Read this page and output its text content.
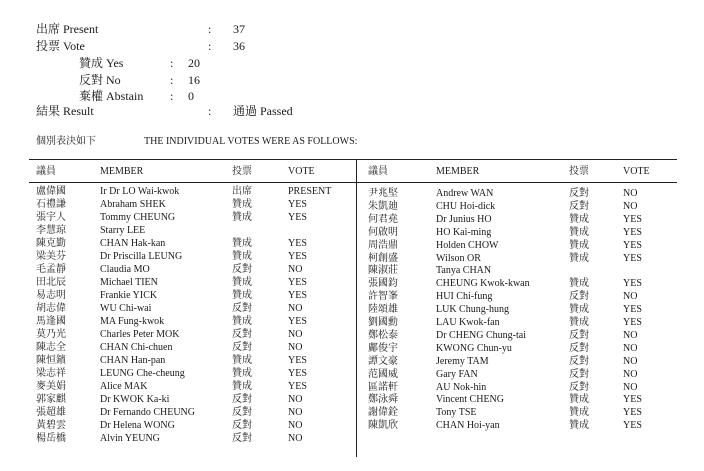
出席 Present	: 37
投票 Vote	: 36
贊成 Yes	: 20
反對 No	: 16
棄權 Abstain : 0
結果 Result	: 通過 Passed
個別表決如下	THE INDIVIDUAL VOTES WERE AS FOLLOWS:
議員	MEMBER	投票	VOTE	議員	MEMBER	投票	VOTE
盧偉國	Ir Dr LO Wai-kwok	出席	PRESENT
石禮謙	Abraham SHEK	贊成	YES
張宇人	Tommy CHEUNG	贊成	YES
李慧琼	Starry LEE
陳克勤	CHAN Hak-kan	贊成	YES
梁美芬	Dr Priscilla LEUNG	贊成	YES
毛孟靜	Claudia MO	反對	NO
田北辰	Michael TIEN	贊成	YES
易志明	Frankie YICK	贊成	YES
胡志偉	WU Chi-wai	反對	NO
馬逢國	MA Fung-kwok	贊成	YES
莫乃光	Charles Peter MOK	反對	NO
陳志全	CHAN Chi-chuen	反對	NO
陳恒鑌	CHAN Han-pan	贊成	YES
梁志祥	LEUNG Che-cheung	贊成	YES
麥美娟	Alice MAK	贊成	YES
郭家麒	Dr KWOK Ka-ki	反對	NO
張超雄	Dr Fernando CHEUNG	反對	NO
黃碧雲	Dr Helena WONG	反對	NO
楊岳橋	Alvin YEUNG	反對	NO
尹兆堅	Andrew WAN	反對	NO
朱凱廸	CHU Hoi-dick	反對	NO
何君堯	Dr Junius HO	贊成	YES
何啟明	HO Kai-ming	贊成	YES
周浩鼎	Holden CHOW	贊成	YES
柯創盛	Wilson OR	贊成	YES
陳淑莊	Tanya CHAN
張國鈞	CHEUNG Kwok-kwan	贊成	YES
許智峯	HUI Chi-fung	反對	NO
陸頌雄	LUK Chung-hung	贊成	YES
劉國勳	LAU Kwok-fan	贊成	YES
鄭松泰	Dr CHENG Chung-tai	反對	NO
鄺俊宇	KWONG Chun-yu	反對	NO
譚文豪	Jeremy TAM	反對	NO
范國威	Gary FAN	反對	NO
區諾軒	AU Nok-hin	反對	NO
鄭泳舜	Vincent CHENG	贊成	YES
謝偉銓	Tony TSE	贊成	YES
陳凱欣	CHAN Hoi-yan	贊成	YES
